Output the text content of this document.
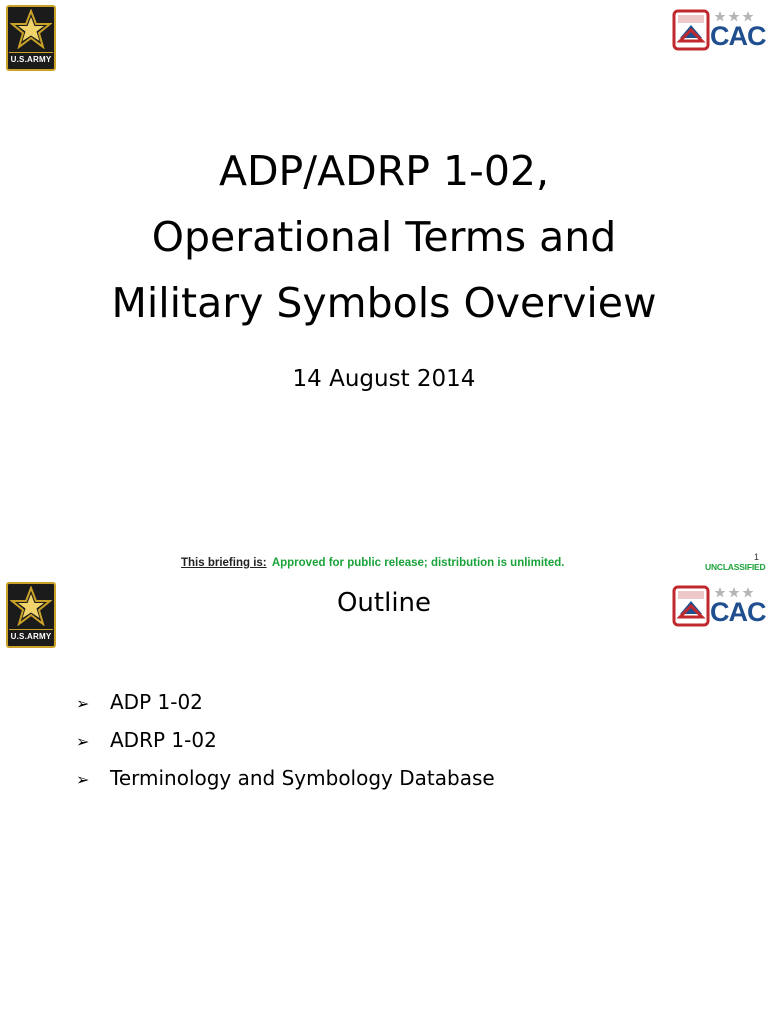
U.S.ARMY
CAC
ADP/ADRP 1-02,
Operational Terms and
Military Symbols Overview
14 August 2014
This briefing is: Approved for public release; distribution is unlimited.	1
UNCLASSIFIED
U.S.ARMY
CAC
Outline
➢ ADP 1-02
➢ ADRP 1-02
➢ Terminology and Symbology Database
